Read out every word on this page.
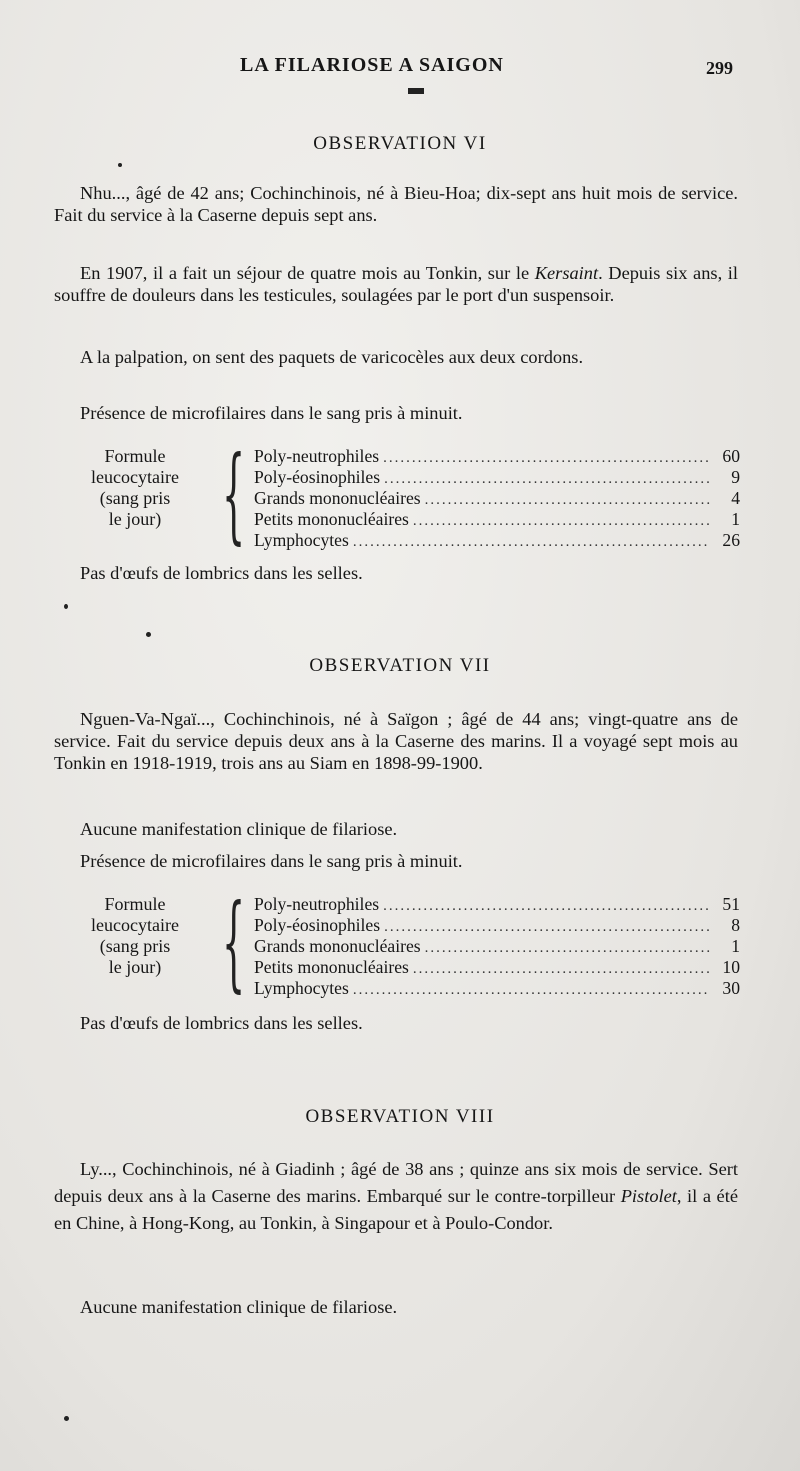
LA FILARIOSE A SAIGON	299
OBSERVATION VI
Nhu..., âgé de 42 ans; Cochinchinois, né à Bieu-Hoa; dix-sept ans huit mois de service. Fait du service à la Caserne depuis sept ans.
En 1907, il a fait un séjour de quatre mois au Tonkin, sur le Kersaint. Depuis six ans, il souffre de douleurs dans les testicules, soulagées par le port d'un suspensoir.
A la palpation, on sent des paquets de varicocèles aux deux cordons.
Présence de microfilaires dans le sang pris à minuit.
Formule
leucocytaire
(sang pris
le jour) { Poly-neutrophiles .....	60
Poly-éosinophiles .....	9
Grands mononucléaires .....	4
Petits mononucléaires .....	1
Lymphocytes .....	26
Pas d'œufs de lombrics dans les selles.
OBSERVATION VII
Nguen-Va-Ngaï..., Cochinchinois, né à Saïgon ; âgé de 44 ans; vingt-quatre ans de service. Fait du service depuis deux ans à la Caserne des marins. Il a voyagé sept mois au Tonkin en 1918-1919, trois ans au Siam en 1898-99-1900.
Aucune manifestation clinique de filariose.
Présence de microfilaires dans le sang pris à minuit.
Formule
leucocytaire
(sang pris
le jour) { Poly-neutrophiles .....	51
Poly-éosinophiles .....	8
Grands mononucléaires .....	1
Petits mononucléaires .....	10
Lymphocytes .....	30
Pas d'œufs de lombrics dans les selles.
OBSERVATION VIII
Ly..., Cochinchinois, né à Giadinh ; âgé de 38 ans ; quinze ans six mois de service. Sert depuis deux ans à la Caserne des marins. Embarqué sur le contre-torpilleur Pistolet, il a été en Chine, à Hong-Kong, au Tonkin, à Singapour et à Poulo-Condor.
Aucune manifestation clinique de filariose.
